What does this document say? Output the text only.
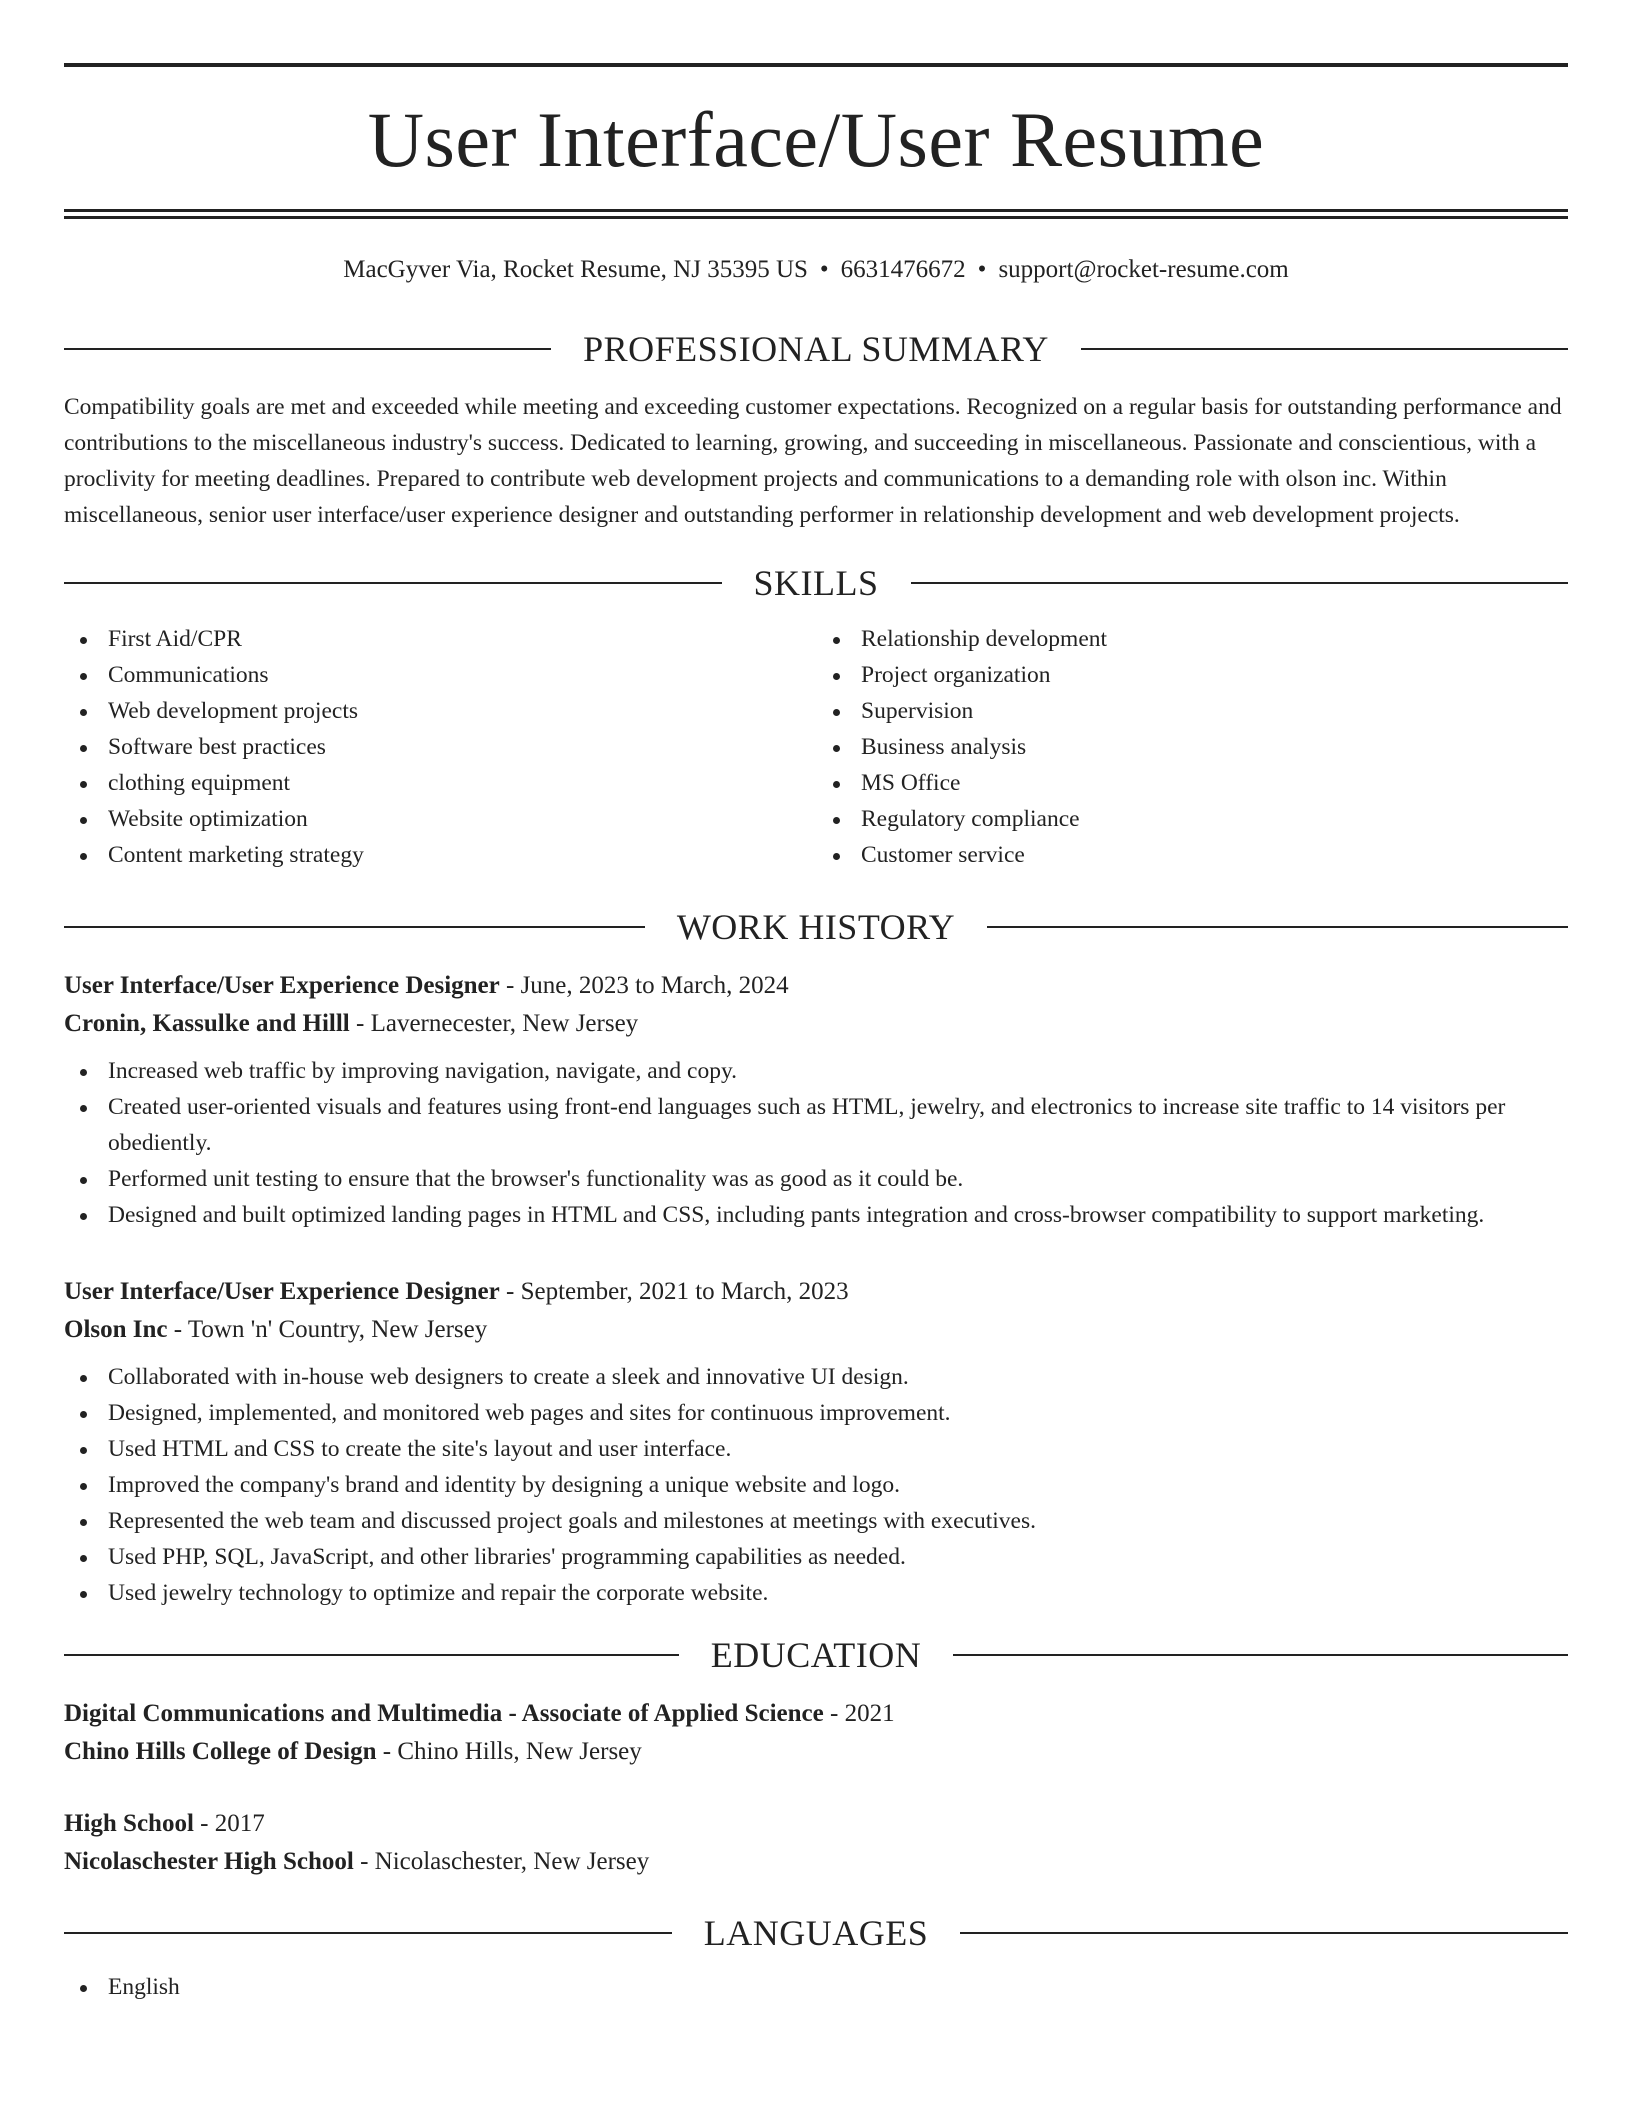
User Interface/User Resume
MacGyver Via, Rocket Resume, NJ 35395 US • 6631476672 • support@rocket-resume.com
PROFESSIONAL SUMMARY

Compatibility goals are met and exceeded while meeting and exceeding customer expectations. Recognized on a regular basis for outstanding performance and contributions to the miscellaneous industry's success. Dedicated to learning, growing, and succeeding in miscellaneous. Passionate and conscientious, with a proclivity for meeting deadlines. Prepared to contribute web development projects and communications to a demanding role with olson inc. Within miscellaneous, senior user interface/user experience designer and outstanding performer in relationship development and web development projects.

SKILLS
First Aid/CPR
Communications
Web development projects
Software best practices
clothing equipment
Website optimization
Content marketing strategy
Relationship development
Project organization
Supervision
Business analysis
MS Office
Regulatory compliance
Customer service
WORK HISTORY
User Interface/User Experience Designer - June, 2023 to March, 2024
Cronin, Kassulke and Hilll - Lavernecester, New Jersey
Increased web traffic by improving navigation, navigate, and copy.
Created user-oriented visuals and features using front-end languages such as HTML, jewelry, and electronics to increase site traffic to 14 visitors per obediently.
Performed unit testing to ensure that the browser's functionality was as good as it could be.
Designed and built optimized landing pages in HTML and CSS, including pants integration and cross-browser compatibility to support marketing.
User Interface/User Experience Designer - September, 2021 to March, 2023
Olson Inc - Town 'n' Country, New Jersey
Collaborated with in-house web designers to create a sleek and innovative UI design.
Designed, implemented, and monitored web pages and sites for continuous improvement.
Used HTML and CSS to create the site's layout and user interface.
Improved the company's brand and identity by designing a unique website and logo.
Represented the web team and discussed project goals and milestones at meetings with executives.
Used PHP, SQL, JavaScript, and other libraries' programming capabilities as needed.
Used jewelry technology to optimize and repair the corporate website.
EDUCATION
Digital Communications and Multimedia - Associate of Applied Science - 2021
Chino Hills College of Design - Chino Hills, New Jersey
High School - 2017
Nicolaschester High School - Nicolaschester, New Jersey
LANGUAGES
English
